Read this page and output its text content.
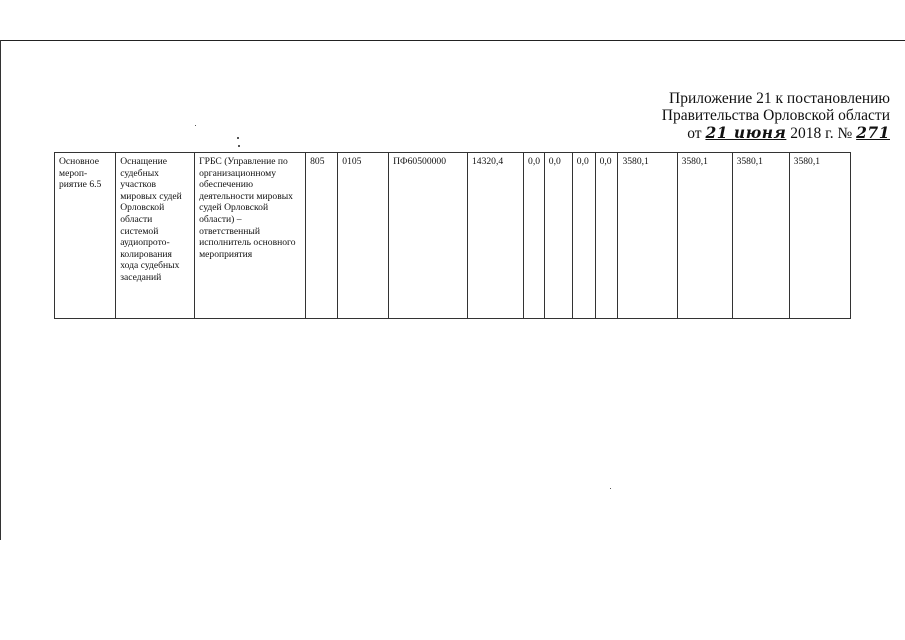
Приложение 21 к постановлению
Правительства Орловской области
от 21 июня 2018 г. № 271
Основное мероп-риятие 6.5	Оснащение судебных участков мировых судей Орловской области системой аудиопрото-колирования хода судебных заседаний	ГРБС (Управление по организационному обеспечению деятельности мировых судей Орловской области) – ответственный исполнитель основного мероприятия	805	0105	ПФ60500000	14320,4	0,0	0,0	0,0	0,0	3580,1	3580,1	3580,1	3580,1
